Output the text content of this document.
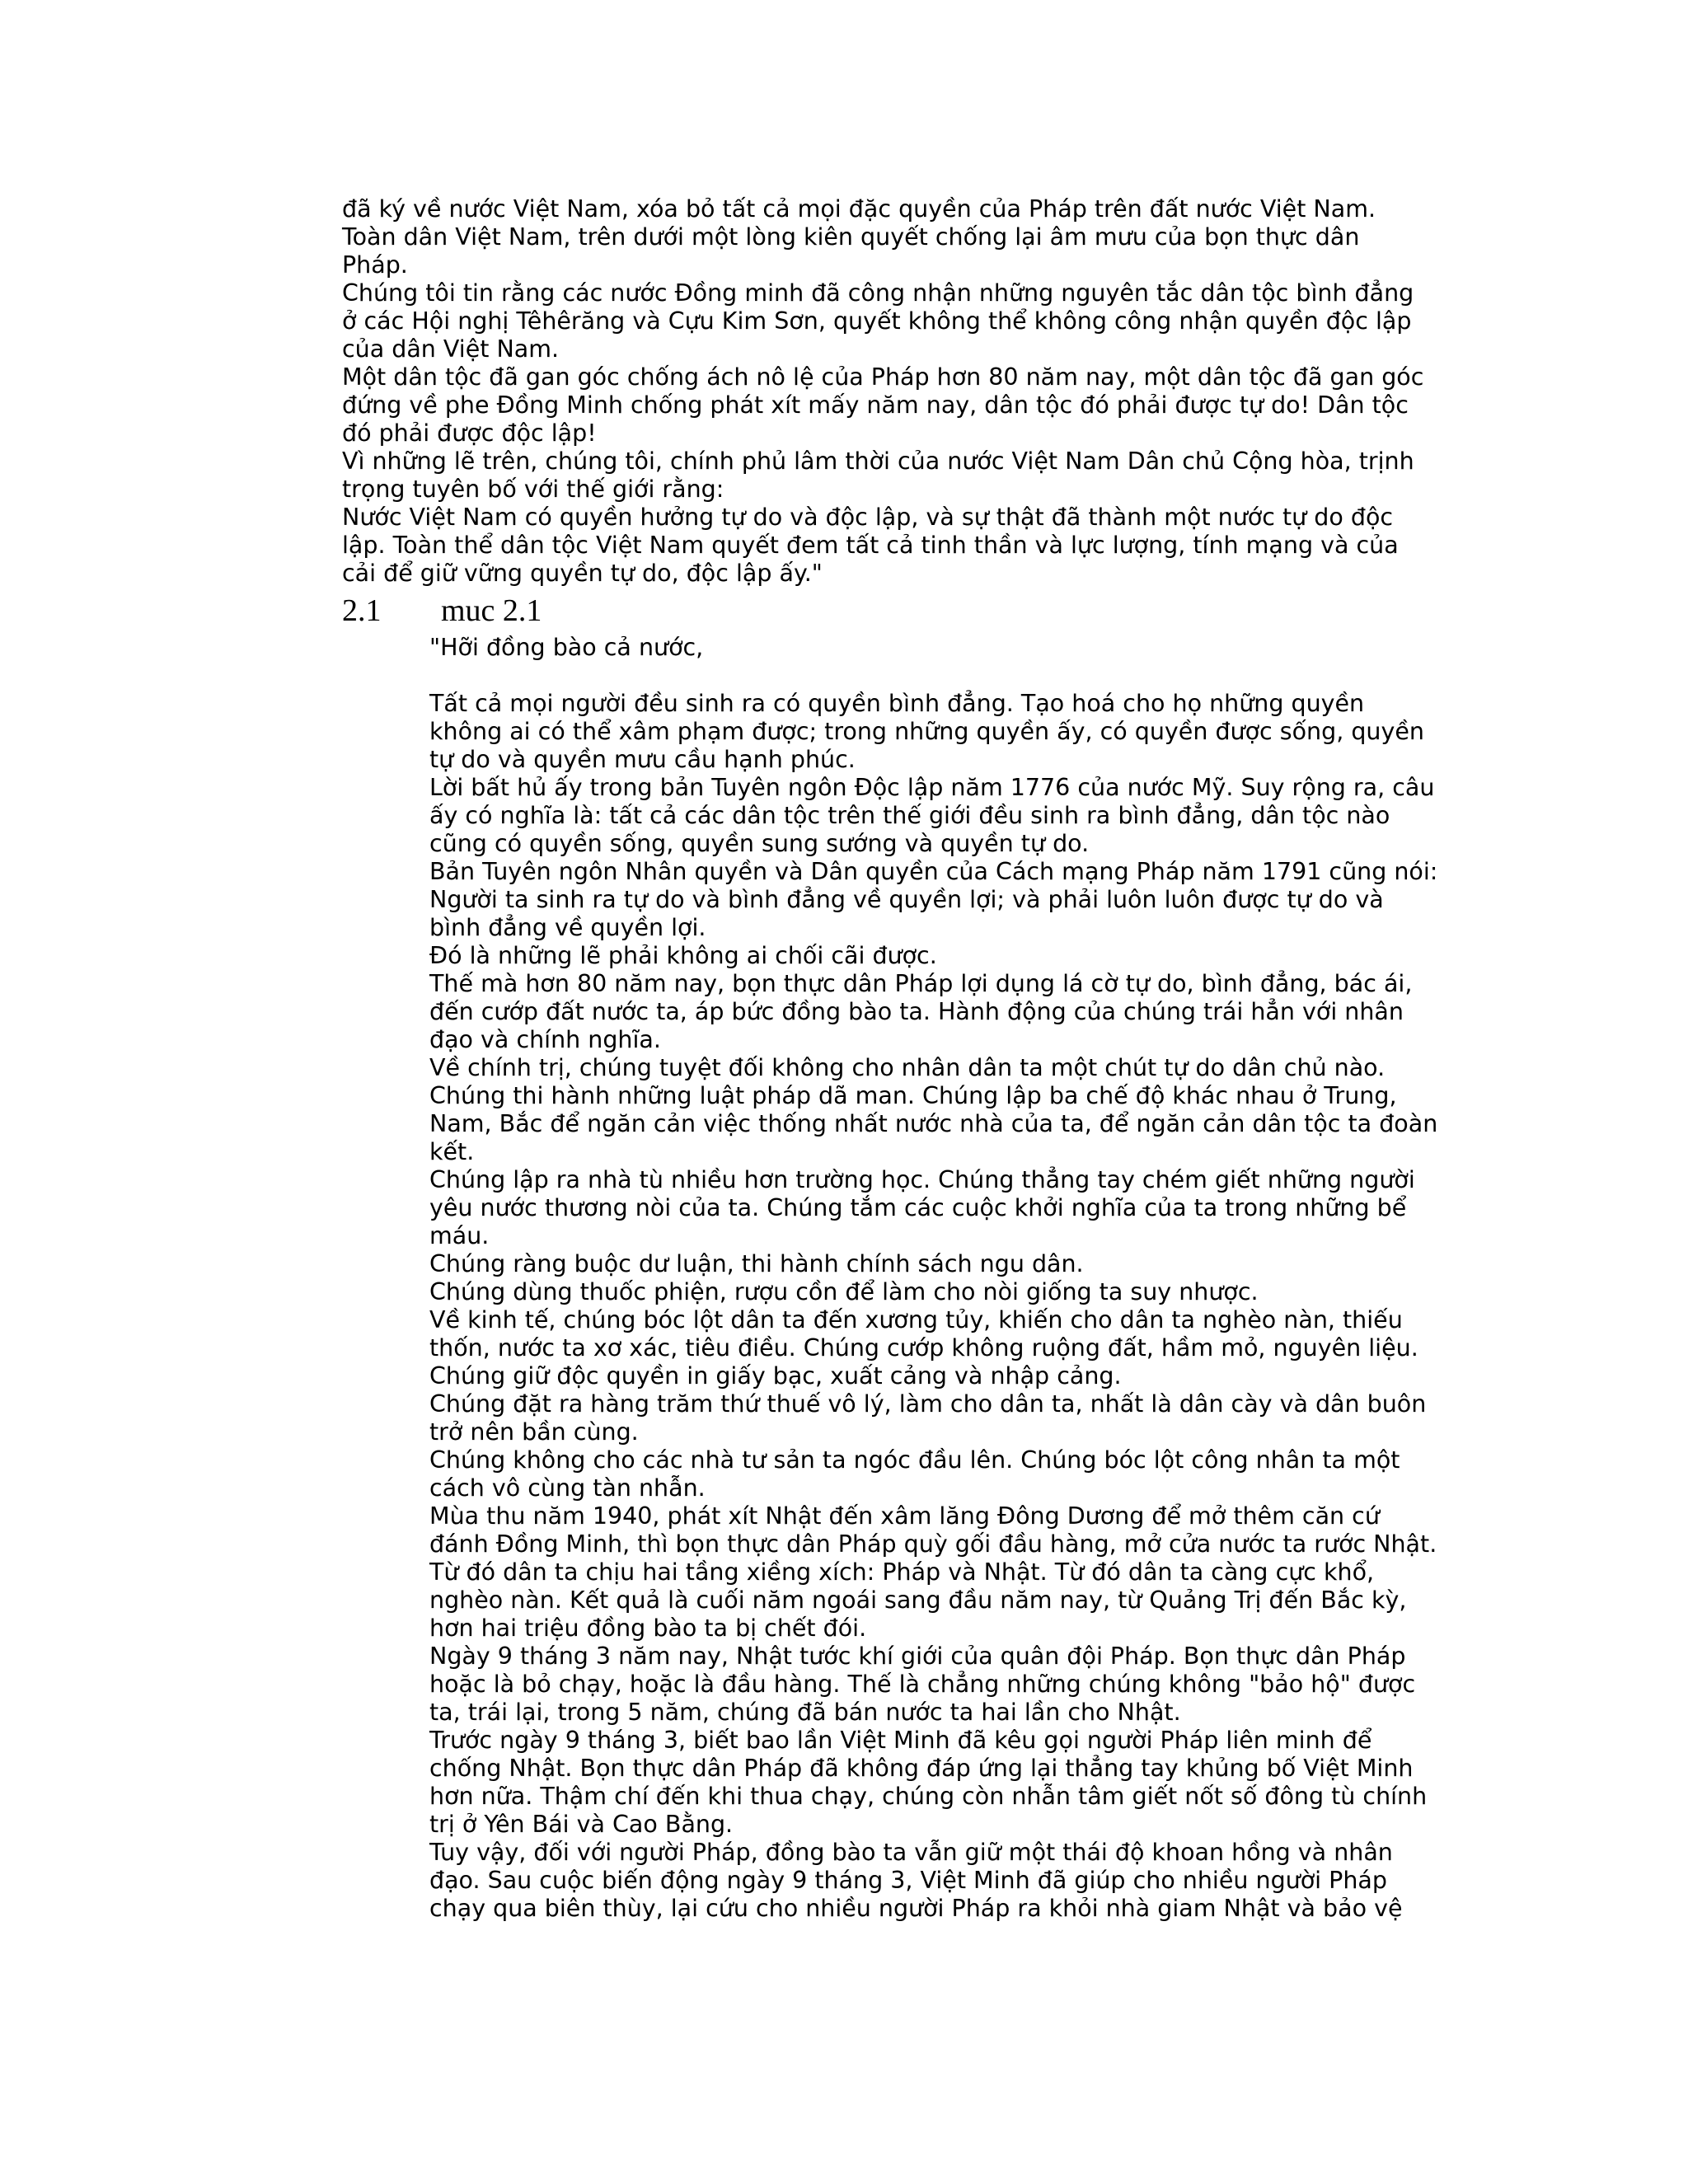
đã ký về nước Việt Nam, xóa bỏ tất cả mọi đặc quyền của Pháp trên đất nước Việt Nam.

Toàn dân Việt Nam, trên dưới một lòng kiên quyết chống lại âm mưu của bọn thực dân Pháp.

Chúng tôi tin rằng các nước Đồng minh đã công nhận những nguyên tắc dân tộc bình đẳng ở các Hội nghị Têhêrăng và Cựu Kim Sơn, quyết không thể không công nhận quyền độc lập của dân Việt Nam.

Một dân tộc đã gan góc chống ách nô lệ của Pháp hơn 80 năm nay, một dân tộc đã gan góc đứng về phe Đồng Minh chống phát xít mấy năm nay, dân tộc đó phải được tự do! Dân tộc đó phải được độc lập!

Vì những lẽ trên, chúng tôi, chính phủ lâm thời của nước Việt Nam Dân chủ Cộng hòa, trịnh trọng tuyên bố với thế giới rằng:

Nước Việt Nam có quyền hưởng tự do và độc lập, và sự thật đã thành một nước tự do độc lập. Toàn thể dân tộc Việt Nam quyết đem tất cả tinh thần và lực lượng, tính mạng và của cải để giữ vững quyền tự do, độc lập ấy."

2.1 muc 2.1

"Hỡi đồng bào cả nước,

Tất cả mọi người đều sinh ra có quyền bình đẳng. Tạo hoá cho họ những quyền không ai có thể xâm phạm được; trong những quyền ấy, có quyền được sống, quyền tự do và quyền mưu cầu hạnh phúc.

Lời bất hủ ấy trong bản Tuyên ngôn Độc lập năm 1776 của nước Mỹ. Suy rộng ra, câu ấy có nghĩa là: tất cả các dân tộc trên thế giới đều sinh ra bình đẳng, dân tộc nào cũng có quyền sống, quyền sung sướng và quyền tự do.

Bản Tuyên ngôn Nhân quyền và Dân quyền của Cách mạng Pháp năm 1791 cũng nói: Người ta sinh ra tự do và bình đẳng về quyền lợi; và phải luôn luôn được tự do và bình đẳng về quyền lợi.

Đó là những lẽ phải không ai chối cãi được.

Thế mà hơn 80 năm nay, bọn thực dân Pháp lợi dụng lá cờ tự do, bình đẳng, bác ái, đến cướp đất nước ta, áp bức đồng bào ta. Hành động của chúng trái hẳn với nhân đạo và chính nghĩa.

Về chính trị, chúng tuyệt đối không cho nhân dân ta một chút tự do dân chủ nào.

Chúng thi hành những luật pháp dã man. Chúng lập ba chế độ khác nhau ở Trung, Nam, Bắc để ngăn cản việc thống nhất nước nhà của ta, để ngăn cản dân tộc ta đoàn kết.

Chúng lập ra nhà tù nhiều hơn trường học. Chúng thẳng tay chém giết những người yêu nước thương nòi của ta. Chúng tắm các cuộc khởi nghĩa của ta trong những bể máu.

Chúng ràng buộc dư luận, thi hành chính sách ngu dân.

Chúng dùng thuốc phiện, rượu cồn để làm cho nòi giống ta suy nhược.

Về kinh tế, chúng bóc lột dân ta đến xương tủy, khiến cho dân ta nghèo nàn, thiếu thốn, nước ta xơ xác, tiêu điều. Chúng cướp không ruộng đất, hầm mỏ, nguyên liệu.

Chúng giữ độc quyền in giấy bạc, xuất cảng và nhập cảng.

Chúng đặt ra hàng trăm thứ thuế vô lý, làm cho dân ta, nhất là dân cày và dân buôn trở nên bần cùng.

Chúng không cho các nhà tư sản ta ngóc đầu lên. Chúng bóc lột công nhân ta một cách vô cùng tàn nhẫn.

Mùa thu năm 1940, phát xít Nhật đến xâm lăng Đông Dương để mở thêm căn cứ đánh Đồng Minh, thì bọn thực dân Pháp quỳ gối đầu hàng, mở cửa nước ta rước Nhật. Từ đó dân ta chịu hai tầng xiềng xích: Pháp và Nhật. Từ đó dân ta càng cực khổ, nghèo nàn. Kết quả là cuối năm ngoái sang đầu năm nay, từ Quảng Trị đến Bắc kỳ, hơn hai triệu đồng bào ta bị chết đói.

Ngày 9 tháng 3 năm nay, Nhật tước khí giới của quân đội Pháp. Bọn thực dân Pháp hoặc là bỏ chạy, hoặc là đầu hàng. Thế là chẳng những chúng không "bảo hộ" được ta, trái lại, trong 5 năm, chúng đã bán nước ta hai lần cho Nhật.

Trước ngày 9 tháng 3, biết bao lần Việt Minh đã kêu gọi người Pháp liên minh để chống Nhật. Bọn thực dân Pháp đã không đáp ứng lại thẳng tay khủng bố Việt Minh hơn nữa. Thậm chí đến khi thua chạy, chúng còn nhẫn tâm giết nốt số đông tù chính trị ở Yên Bái và Cao Bằng.

Tuy vậy, đối với người Pháp, đồng bào ta vẫn giữ một thái độ khoan hồng và nhân đạo. Sau cuộc biến động ngày 9 tháng 3, Việt Minh đã giúp cho nhiều người Pháp chạy qua biên thùy, lại cứu cho nhiều người Pháp ra khỏi nhà giam Nhật và bảo vệ
